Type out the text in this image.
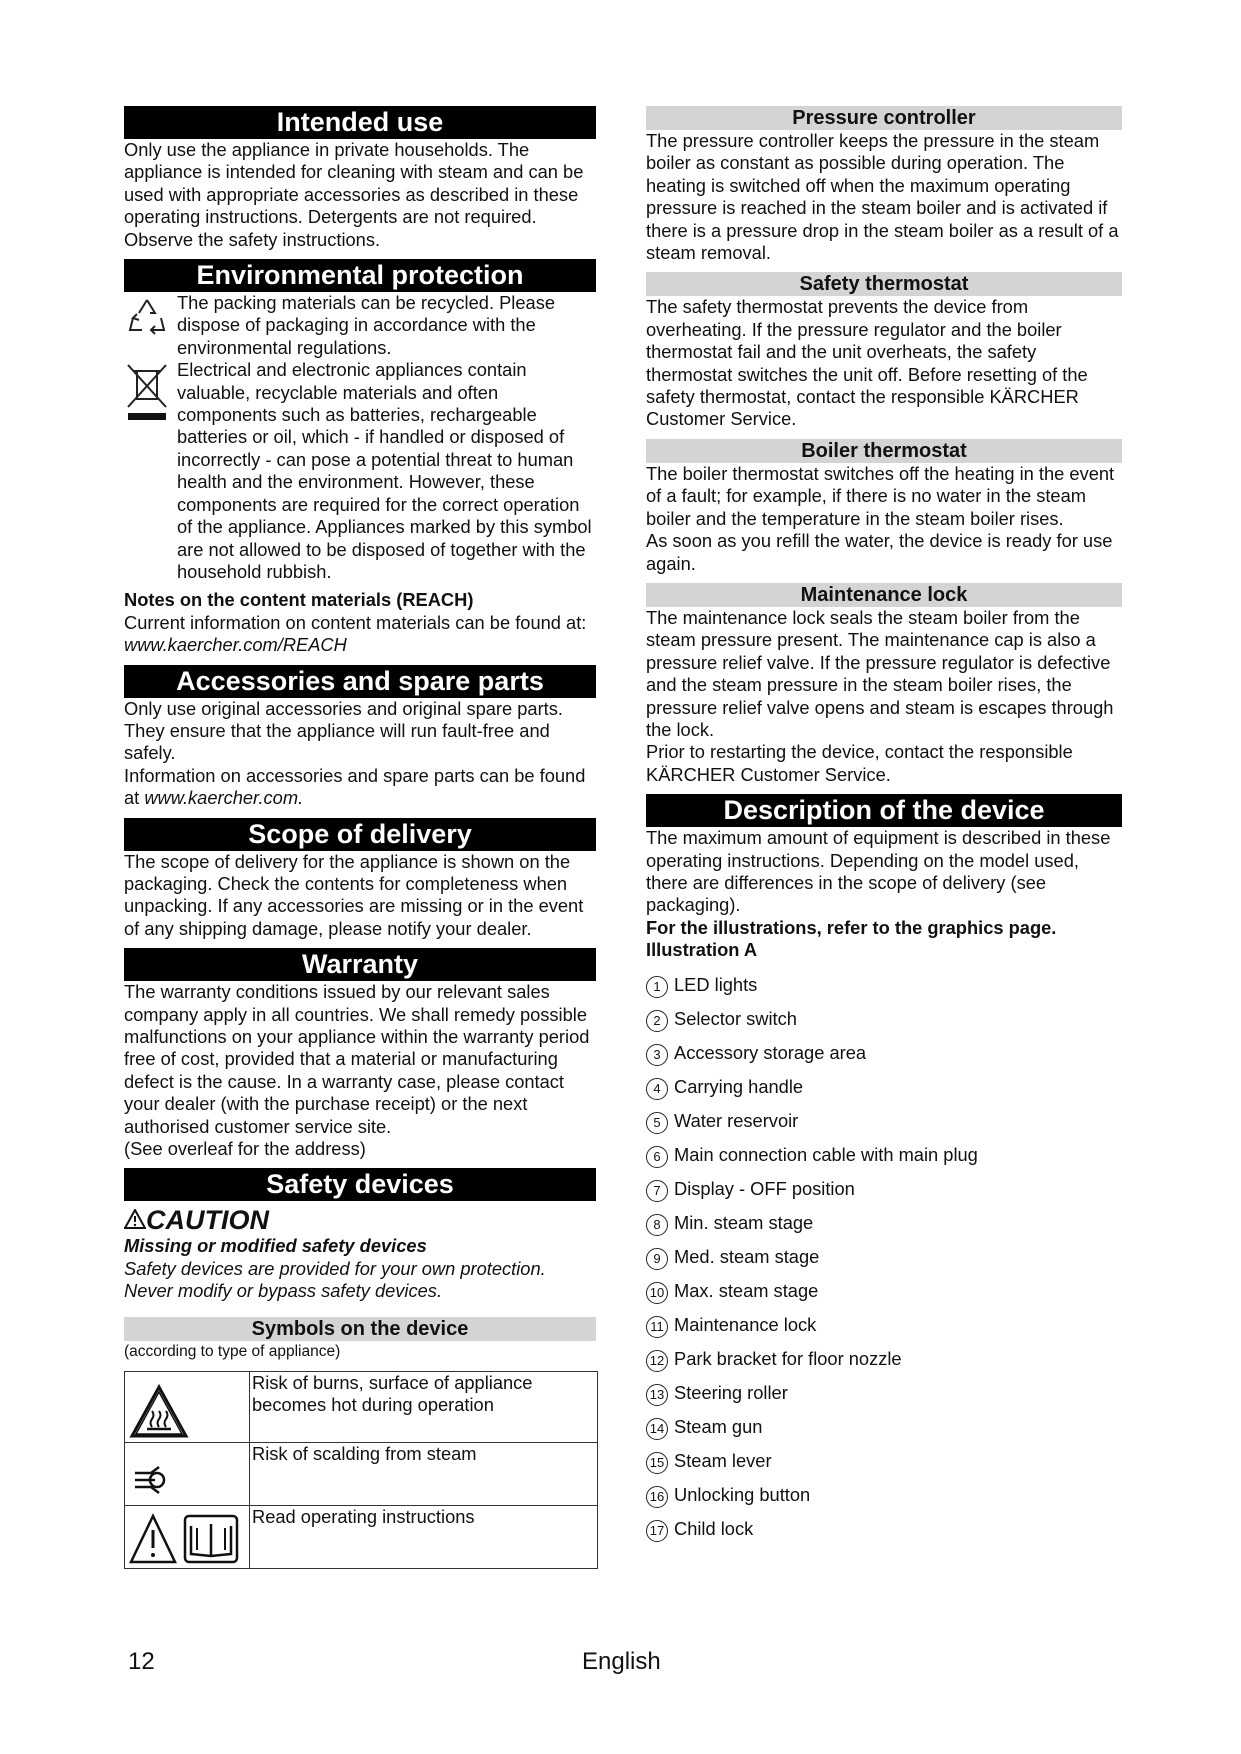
Intended use

Only use the appliance in private households. The appliance is intended for cleaning with steam and can be used with appropriate accessories as described in these operating instructions. Detergents are not required. Observe the safety instructions.

Environmental protection

The packing materials can be recycled. Please dispose of packaging in accordance with the environmental regulations.

Electrical and electronic appliances contain valuable, recyclable materials and often components such as batteries, rechargeable batteries or oil, which - if handled or disposed of incorrectly - can pose a potential threat to human health and the environment. However, these components are required for the correct operation of the appliance. Appliances marked by this symbol are not allowed to be disposed of together with the household rubbish.

Notes on the content materials (REACH)

Current information on content materials can be found at: www.kaercher.com/REACH

Accessories and spare parts

Only use original accessories and original spare parts. They ensure that the appliance will run fault-free and safely.

Information on accessories and spare parts can be found at www.kaercher.com.

Scope of delivery

The scope of delivery for the appliance is shown on the packaging. Check the contents for completeness when unpacking. If any accessories are missing or in the event of any shipping damage, please notify your dealer.

Warranty

The warranty conditions issued by our relevant sales company apply in all countries. We shall remedy possible malfunctions on your appliance within the warranty period free of cost, provided that a material or manufacturing defect is the cause. In a warranty case, please contact your dealer (with the purchase receipt) or the next authorised customer service site.

(See overleaf for the address)

Safety devices
CAUTION

Missing or modified safety devices

Safety devices are provided for your own protection. Never modify or bypass safety devices.

Symbols on the device

(according to type of appliance)

	Risk of burns, surface of appliance becomes hot during operation

	Risk of scalding from steam

	Read operating instructions
Pressure controller

The pressure controller keeps the pressure in the steam boiler as constant as possible during operation. The heating is switched off when the maximum operating pressure is reached in the steam boiler and is activated if there is a pressure drop in the steam boiler as a result of a steam removal.

Safety thermostat

The safety thermostat prevents the device from overheating. If the pressure regulator and the boiler thermostat fail and the unit overheats, the safety thermostat switches the unit off. Before resetting of the safety thermostat, contact the responsible KÄRCHER Customer Service.

Boiler thermostat

The boiler thermostat switches off the heating in the event of a fault; for example, if there is no water in the steam boiler and the temperature in the steam boiler rises.

As soon as you refill the water, the device is ready for use again.

Maintenance lock

The maintenance lock seals the steam boiler from the steam pressure present. The maintenance cap is also a pressure relief valve. If the pressure regulator is defective and the steam pressure in the steam boiler rises, the pressure relief valve opens and steam is escapes through the lock.

Prior to restarting the device, contact the responsible KÄRCHER Customer Service.

Description of the device

The maximum amount of equipment is described in these operating instructions. Depending on the model used, there are differences in the scope of delivery (see packaging).

For the illustrations, refer to the graphics page.

Illustration A

1 LED lights
2 Selector switch
3 Accessory storage area
4 Carrying handle
5 Water reservoir
6 Main connection cable with main plug
7 Display - OFF position
8 Min. steam stage
9 Med. steam stage
10 Max. steam stage
11 Maintenance lock
12 Park bracket for floor nozzle
13 Steering roller
14 Steam gun
15 Steam lever
16 Unlocking button
17 Child lock
12	English
